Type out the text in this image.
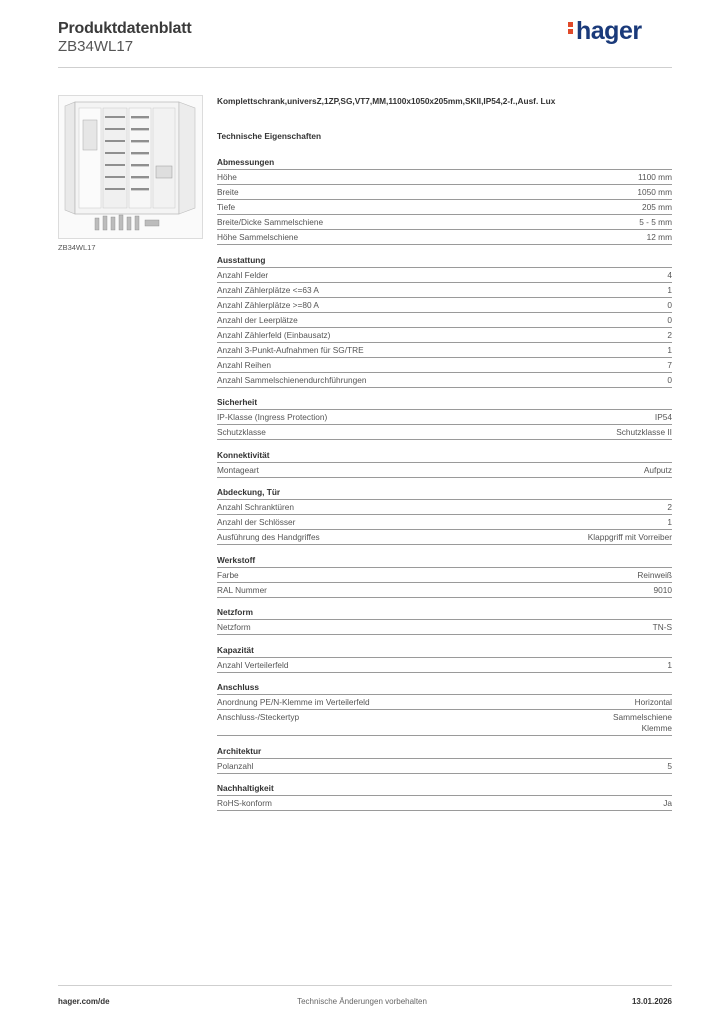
Produktdatenblatt
ZB34WL17
hager
ZB34WL17
Komplettschrank,universZ,1ZP,SG,VT7,MM,1100x1050x205mm,SKII,IP54,2-f.,Ausf. Lux
Technische Eigenschaften
Abmessungen
Höhe	1100 mm
Breite	1050 mm
Tiefe	205 mm
Breite/Dicke Sammelschiene	5 - 5 mm
Höhe Sammelschiene	12 mm
Ausstattung
Anzahl Felder	4
Anzahl Zählerplätze <=63 A	1
Anzahl Zählerplätze >=80 A	0
Anzahl der Leerplätze	0
Anzahl Zählerfeld (Einbausatz)	2
Anzahl 3-Punkt-Aufnahmen für SG/TRE	1
Anzahl Reihen	7
Anzahl Sammelschienendurchführungen	0
Sicherheit
IP-Klasse (Ingress Protection)	IP54
Schutzklasse	Schutzklasse II
Konnektivität
Montageart	Aufputz
Abdeckung, Tür
Anzahl Schranktüren	2
Anzahl der Schlösser	1
Ausführung des Handgriffes	Klappgriff mit Vorreiber
Werkstoff
Farbe	Reinweiß
RAL Nummer	9010
Netzform
Netzform	TN-S
Kapazität
Anzahl Verteilerfeld	1
Anschluss
Anordnung PE/N-Klemme im Verteilerfeld	Horizontal
Anschluss-/Steckertyp	Sammelschiene
Klemme
Architektur
Polanzahl	5
Nachhaltigkeit
RoHS-konform	Ja
hager.com/de	Technische Änderungen vorbehalten	13.01.2026
